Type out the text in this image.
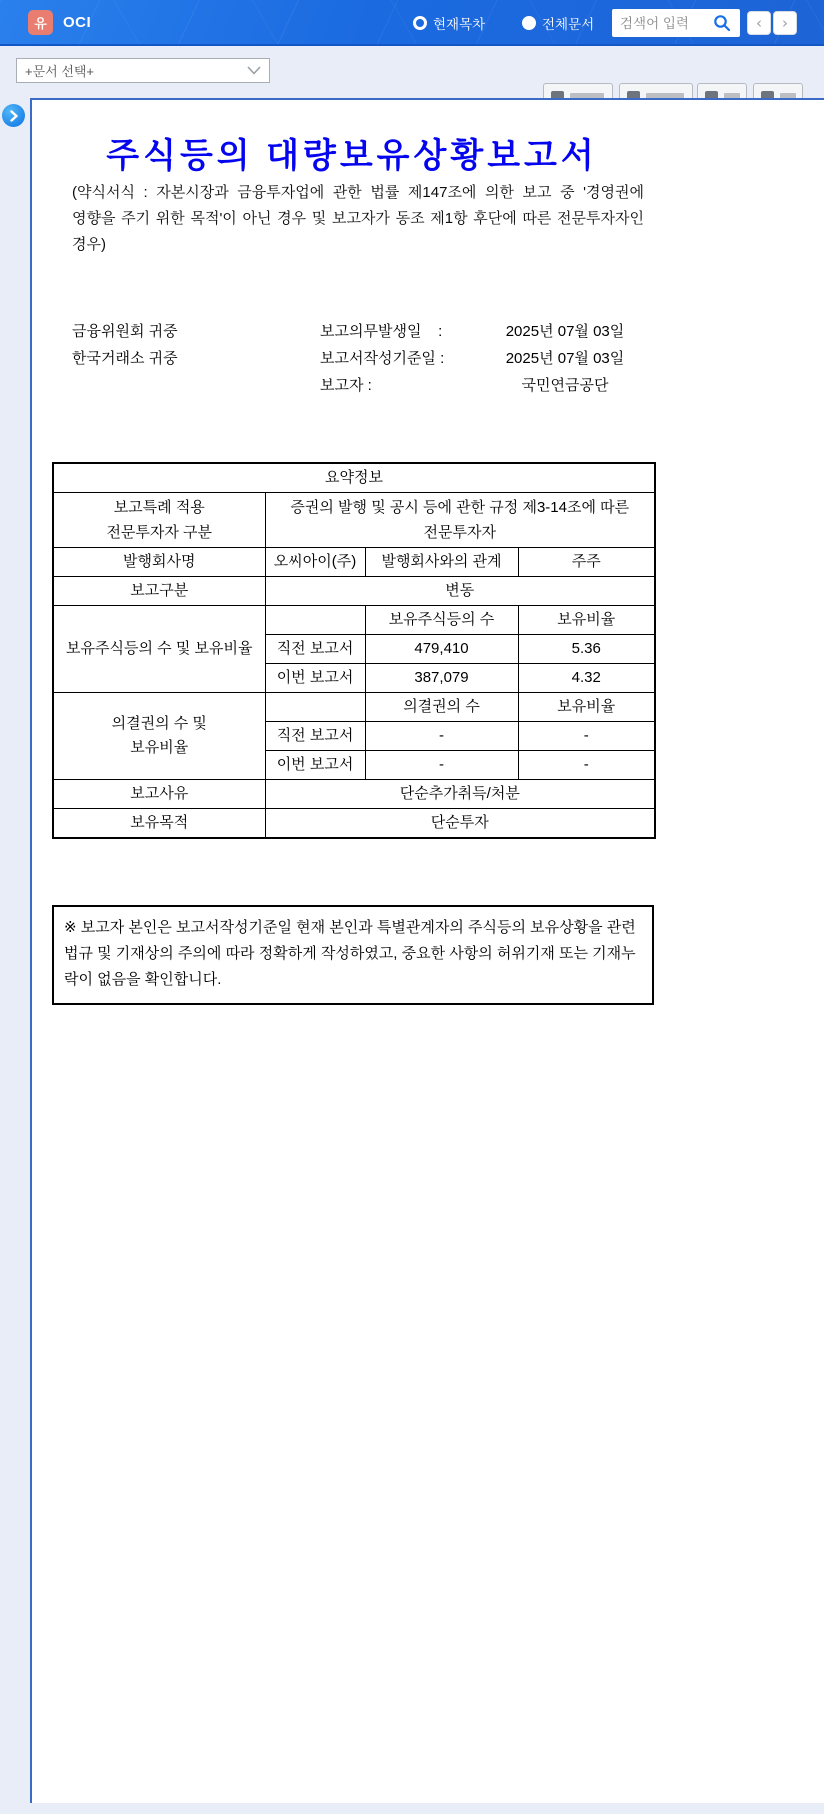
유	OCI	현재목차	전체문서
검색어 입력	‹	›
+문서 선택+
주식등의 대량보유상황보고서

(약식서식 : 자본시장과 금융투자업에 관한 법률 제147조에 의한 보고 중 '경영권에 영향을 주기 위한 목적'이 아닌 경우 및 보고자가 동조 제1항 후단에 따른 전문투자자인 경우)

금융위원회 귀중	보고의무발생일    :	2025년 07월 03일
한국거래소 귀중	보고서작성기준일 :	2025년 07월 03일
보고자 :	국민연금공단
요약정보			
보고특례 적용
전문투자자 구분	증권의 발행 및 공시 등에 관한 규정 제3-14조에 따른 전문투자자		
발행회사명	오씨아이(주)	발행회사와의 관계	주주
보고구분	변동		
보유주식등의 수 및 보유비율		보유주식등의 수	보유비율
	직전 보고서	479,410	5.36
	이번 보고서	387,079	4.32
의결권의 수 및
보유비율		의결권의 수	보유비율
	직전 보고서	-	-
	이번 보고서	-	-
보고사유	단순추가취득/처분		
보유목적	단순투자		
※ 보고자 본인은 보고서작성기준일 현재 본인과 특별관계자의 주식등의 보유상황을 관련 법규 및 기재상의 주의에 따라 정확하게 작성하였고, 중요한 사항의 허위기재 또는 기재누락이 없음을 확인합니다.
